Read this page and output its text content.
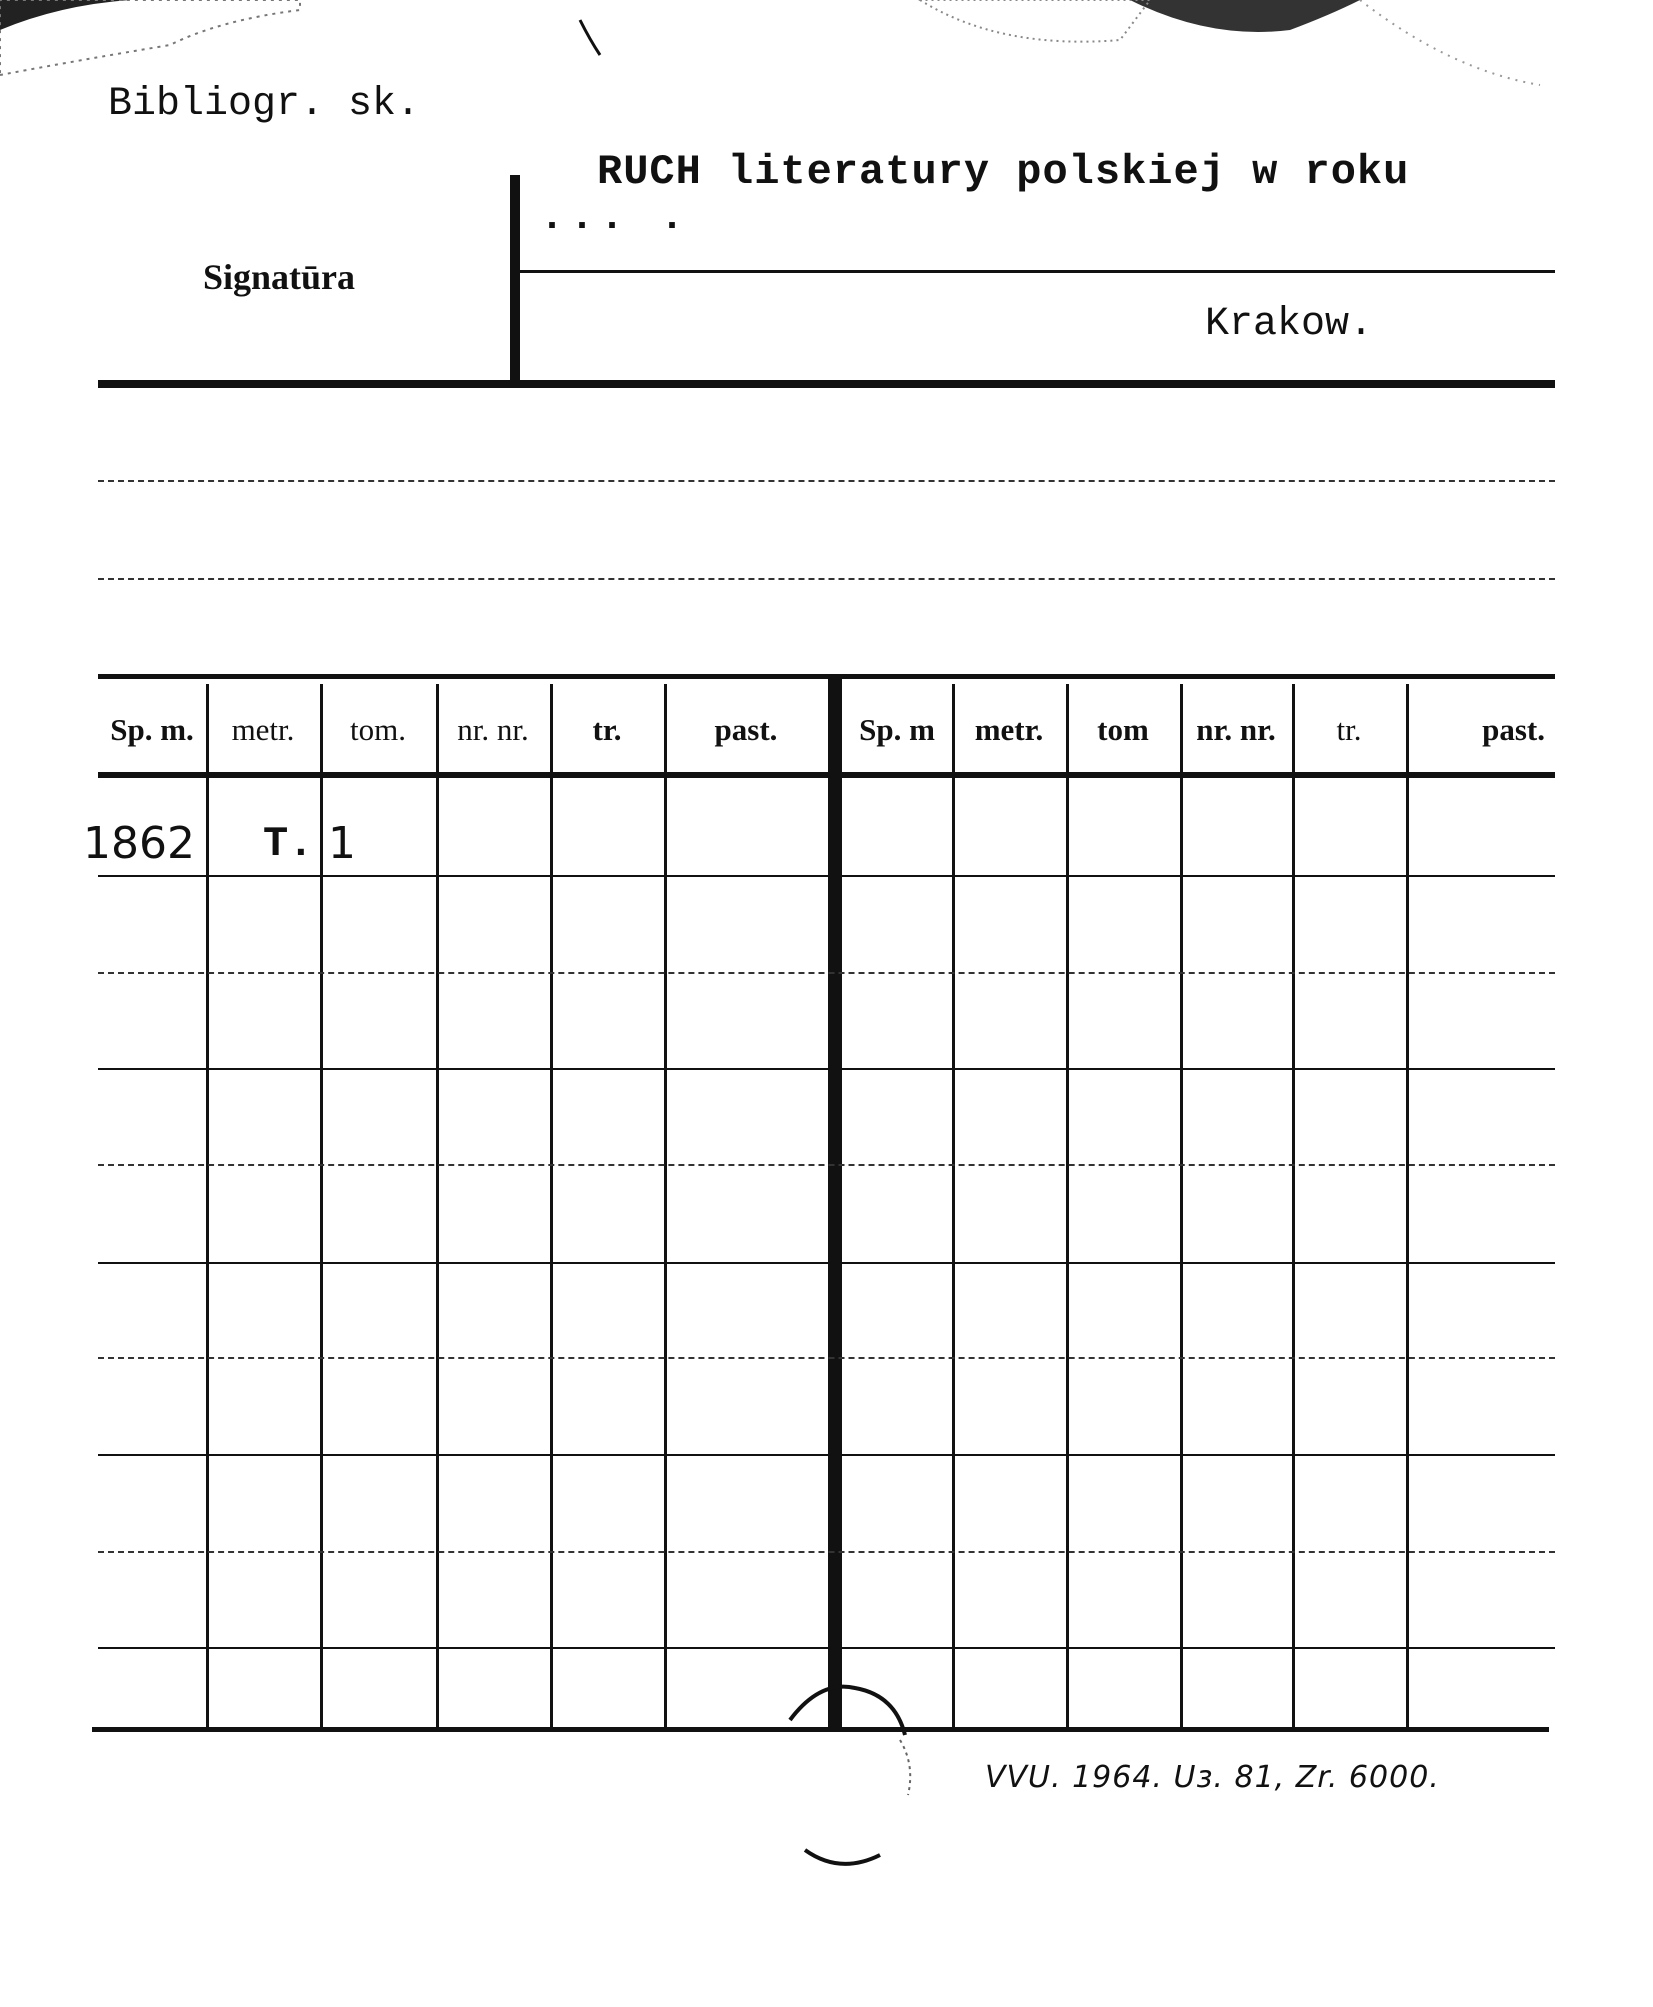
Bibliogr. sk.
RUCH literatury polskiej w roku
... .
Signatūra
Krakow.
Sp. m.	metr.	tom.	nr. nr.	tr.	past.	Sp. m	metr.	tom	nr. nr.	tr.	past.
1862 T. 1
VVU. 1964. Uз. 81, Zr. 6000.
